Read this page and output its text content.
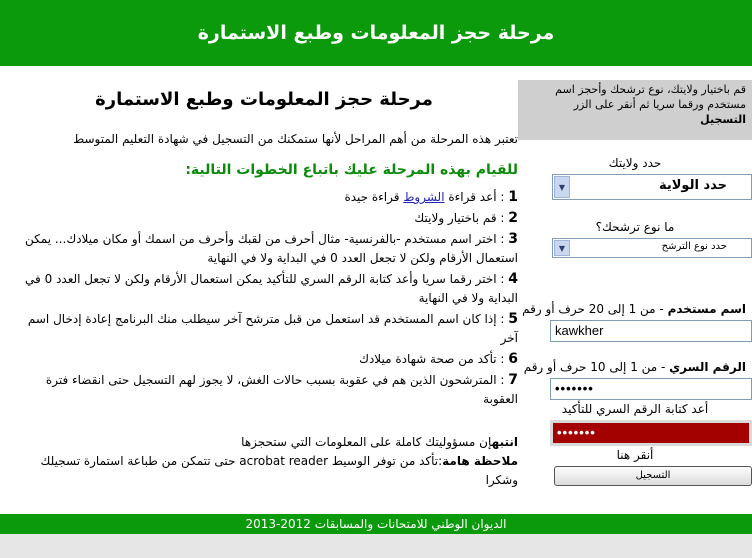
مرحلة حجز المعلومات وطبع الاستمارة
مرحلة حجز المعلومات وطبع الاستمارة
تعتبر هذه المرحلة من أهم المراحل لأنها ستمكنك من التسجيل في شهادة التعليم المتوسط
للقيام بهذه المرحلة عليك باتباع الخطوات التالية:
1 : أعد قراءة الشروط قراءة جيدة
2 : قم باختيار ولايتك
3 : اختر اسم مستخدم -بالفرنسية- مثال أحرف من لقبك وأحرف من اسمك أو مكان ميلادك... يمكن استعمال الأرقام ولكن لا تجعل العدد 0 في البداية ولا في النهاية
4 : اختر رقما سريا وأعد كتابة الرقم السري للتأكيد يمكن استعمال الأرقام ولكن لا تجعل العدد 0 في البداية ولا في النهاية
5 : إذا كان اسم المستخدم قد استعمل من قبل مترشح آخر سيطلب منك البرنامج إعادة إدخال اسم آخر
6 : تأكد من صحة شهادة ميلادك
7 : المترشحون الذين هم في عقوبة بسبب حالات الغش، لا يجوز لهم التسجيل حتى انقضاء فترة العقوبة
انتبهإن مسؤوليتك كاملة على المعلومات التي ستحجزها
ملاحظة هامة:تأكد من توفر الوسيط acrobat reader حتى تتمكن من طباعة استمارة تسجيلك
وشكرا
قم باختيار ولايتك، نوع ترشحك وأحجز اسم مستخدم ورقما سريا ثم أنقر على الزر
التسجيل
حدد ولايتك
حدد الولاية
▼
ما نوع ترشحك؟
حدد نوع الترشح
▼
اسم مستخدم - من 1 إلى 20 حرف أو رقم
kawkher
الرقم السري - من 1 إلى 10 حرف أو رقم
•••••••
أعد كتابة الرقم السري للتأكيد
•••••••
أنقر هنا
التسجيل
الديوان الوطني للامتحانات والمسابقات 2012-2013
